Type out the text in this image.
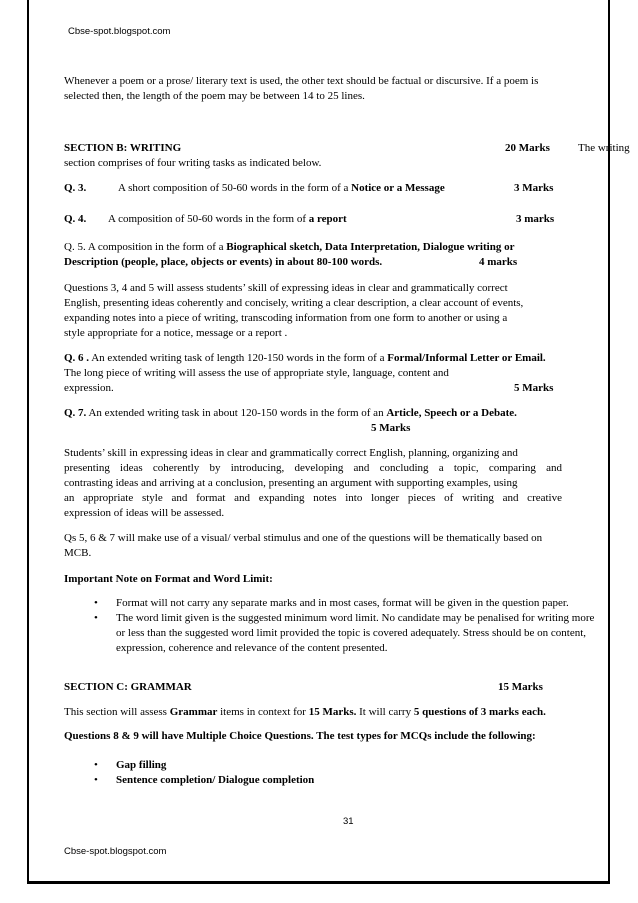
Cbse-spot.blogspot.com
Whenever a poem or a prose/ literary text is used, the other text should be factual or discursive. If a poem is
selected then, the length of the poem may be between 14 to 25 lines.
SECTION B: WRITING	20 Marks	The writing
section comprises of four writing tasks as indicated below.
Q. 3.	A short composition of 50-60 words in the form of a Notice or a Message	3 Marks
Q. 4. A composition of 50-60 words in the form of a report	3 marks
Q. 5. A composition in the form of a Biographical sketch, Data Interpretation, Dialogue writing or
Description (people, place, objects or events) in about 80-100 words.	4 marks
Questions 3, 4 and 5 will assess students’ skill of expressing ideas in clear and grammatically correct
English, presenting ideas coherently and concisely, writing a clear description, a clear account of events,
expanding notes into a piece of writing, transcoding information from one form to another or using a
style appropriate for a notice, message or a report .
Q. 6 . An extended writing task of length 120-150 words in the form of a Formal/Informal Letter or Email.
The long piece of writing will assess the use of appropriate style, language, content and
expression.	5 Marks
Q. 7. An extended writing task in about 120-150 words in the form of an Article, Speech or a Debate.
5 Marks
Students’ skill in expressing ideas in clear and grammatically correct English, planning, organizing and
presenting ideas coherently by introducing, developing and concluding a topic, comparing and
contrasting ideas and arriving at a conclusion, presenting an argument with supporting examples, using
an appropriate style and format and expanding notes into longer pieces of writing and creative
expression of ideas will be assessed.
Qs 5, 6 & 7 will make use of a visual/ verbal stimulus and one of the questions will be thematically based on
MCB.
Important Note on Format and Word Limit:
• Format will not carry any separate marks and in most cases, format will be given in the question paper.
• The word limit given is the suggested minimum word limit. No candidate may be penalised for writing more
or less than the suggested word limit provided the topic is covered adequately. Stress should be on content,
expression, coherence and relevance of the content presented.
SECTION C: GRAMMAR	15 Marks
This section will assess Grammar items in context for 15 Marks. It will carry 5 questions of 3 marks each.
Questions 8 & 9 will have Multiple Choice Questions. The test types for MCQs include the following:
• Gap filling
• Sentence completion/ Dialogue completion
31
Cbse-spot.blogspot.com
